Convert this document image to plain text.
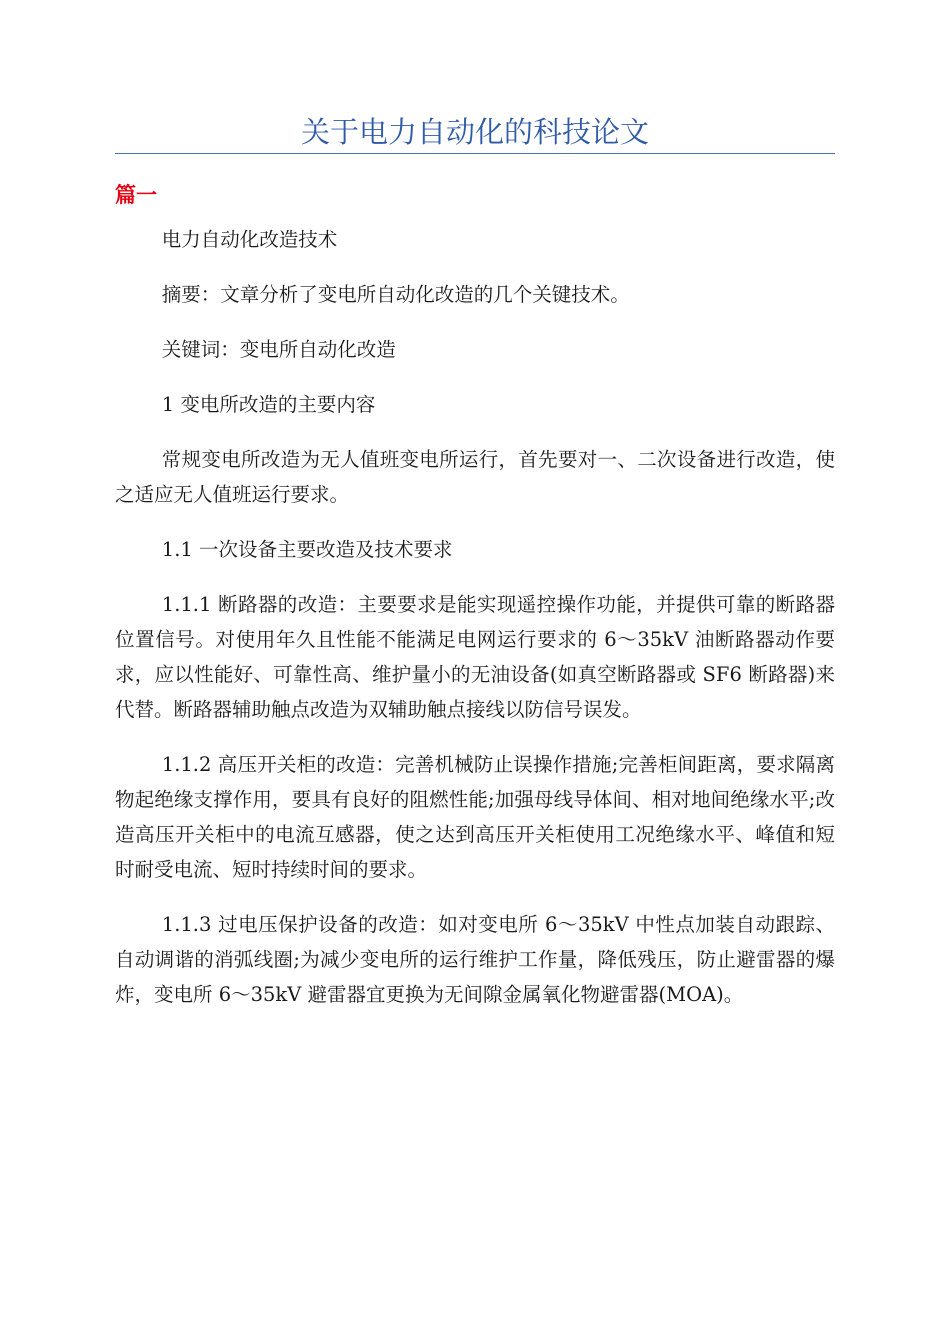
关于电力自动化的科技论文
篇一

电力自动化改造技术

摘要：文章分析了变电所自动化改造的几个关键技术。

关键词：变电所自动化改造

1 变电所改造的主要内容

常规变电所改造为无人值班变电所运行，首先要对一、二次设备进行改造，使之适应无人值班运行要求。

1.1 一次设备主要改造及技术要求

1.1.1 断路器的改造：主要要求是能实现遥控操作功能，并提供可靠的断路器位置信号。对使用年久且性能不能满足电网运行要求的 6～35kV 油断路器动作要求，应以性能好、可靠性高、维护量小的无油设备(如真空断路器或 SF6 断路器)来代替。断路器辅助触点改造为双辅助触点接线以防信号误发。

1.1.2 高压开关柜的改造：完善机械防止误操作措施;完善柜间距离，要求隔离物起绝缘支撑作用，要具有良好的阻燃性能;加强母线导体间、相对地间绝缘水平;改造高压开关柜中的电流互感器，使之达到高压开关柜使用工况绝缘水平、峰值和短时耐受电流、短时持续时间的要求。

1.1.3 过电压保护设备的改造：如对变电所 6～35kV 中性点加装自动跟踪、自动调谐的消弧线圈;为减少变电所的运行维护工作量，降低残压，防止避雷器的爆炸，变电所 6～35kV 避雷器宜更换为无间隙金属氧化物避雷器(MOA)。
